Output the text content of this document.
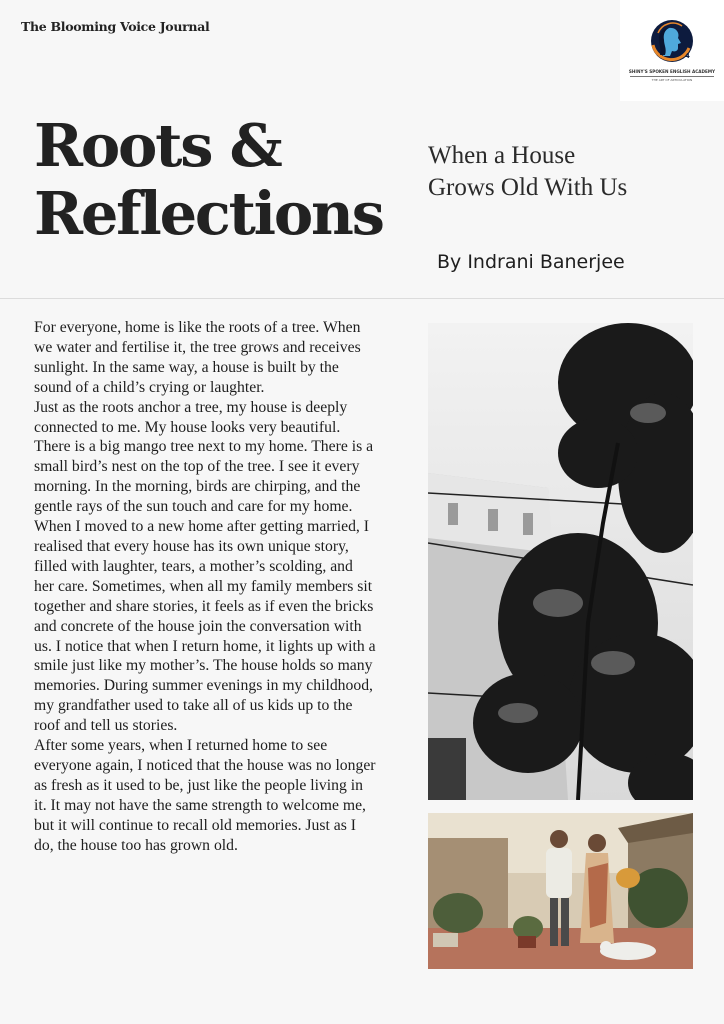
The Blooming Voice Journal
4
SHINY'S SPOKEN ENGLISH ACADEMY
THE ART OF ARTICULATION
Roots &
Reflections
When a House
Grows Old With Us
By Indrani Banerjee

For everyone, home is like the roots of a tree. When we water and fertilise it, the tree grows and receives sunlight. In the same way, a house is built by the sound of a child’s crying or laughter.

Just as the roots anchor a tree, my house is deeply connected to me. My house looks very beautiful. There is a big mango tree next to my home. There is a small bird’s nest on the top of the tree. I see it every morning. In the morning, birds are chirping, and the gentle rays of the sun touch and care for my home. When I moved to a new home after getting married, I realised that every house has its own unique story, filled with laughter, tears, a mother’s scolding, and her care. Sometimes, when all my family members sit together and share stories, it feels as if even the bricks and concrete of the house join the conversation with us. I notice that when I return home, it lights up with a smile just like my mother’s. The house holds so many memories. During summer evenings in my childhood, my grandfather used to take all of us kids up to the roof and tell us stories.

After some years, when I returned home to see everyone again, I noticed that the house was no longer as fresh as it used to be, just like the people living in it. It may not have the same strength to welcome me, but it will continue to recall old memories. Just as I do, the house too has grown old.
